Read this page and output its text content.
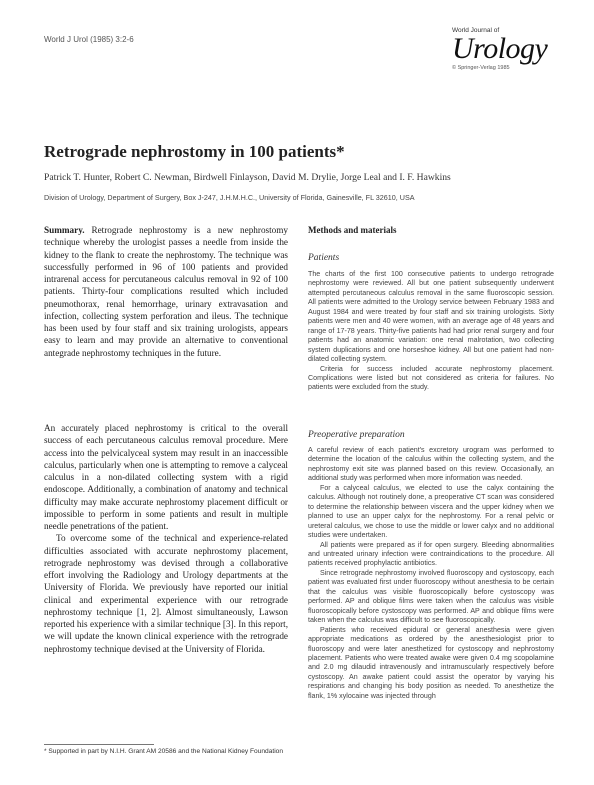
World J Urol (1985) 3:2-6
World Journal of
Urology
© Springer-Verlag 1985
Retrograde nephrostomy in 100 patients*
Patrick T. Hunter, Robert C. Newman, Birdwell Finlayson, David M. Drylie, Jorge Leal and I. F. Hawkins
Division of Urology, Department of Surgery, Box J-247, J.H.M.H.C., University of Florida, Gainesville, FL 32610, USA

Summary. Retrograde nephrostomy is a new nephrostomy technique whereby the urologist passes a needle from inside the kidney to the flank to create the nephrostomy. The technique was successfully performed in 96 of 100 patients and provided intrarenal access for percutaneous calculus removal in 92 of 100 patients. Thirty-four complications resulted which included pneumothorax, renal hemorrhage, urinary extravasation and infection, collecting system perforation and ileus. The technique has been used by four staff and six training urologists, appears easy to learn and may provide an alternative to conventional antegrade nephrostomy techniques in the future.

An accurately placed nephrostomy is critical to the overall success of each percutaneous calculus removal procedure. Mere access into the pelvicalyceal system may result in an inaccessible calculus, particularly when one is attempting to remove a calyceal calculus in a non-dilated collecting system with a rigid endoscope. Additionally, a combination of anatomy and technical difficulty may make accurate nephrostomy placement difficult or impossible to perform in some patients and result in multiple needle penetrations of the patient.

To overcome some of the technical and experience-related difficulties associated with accurate nephrostomy placement, retrograde nephrostomy was devised through a collaborative effort involving the Radiology and Urology departments at the University of Florida. We previously have reported our initial clinical and experimental experience with our retrograde nephrostomy technique [1, 2]. Almost simultaneously, Lawson reported his experience with a similar technique [3]. In this report, we will update the known clinical experience with the retrograde nephrostomy technique devised at the University of Florida.

* Supported in part by N.I.H. Grant AM 20586 and the National Kidney Foundation
Methods and materials
Patients

The charts of the first 100 consecutive patients to undergo retrograde nephrostomy were reviewed. All but one patient subsequently underwent attempted percutaneous calculus removal in the same fluoroscopic session. All patients were admitted to the Urology service between February 1983 and August 1984 and were treated by four staff and six training urologists. Sixty patients were men and 40 were women, with an average age of 48 years and range of 17-78 years. Thirty-five patients had had prior renal surgery and four patients had an anatomic variation: one renal malrotation, two collecting system duplications and one horseshoe kidney. All but one patient had non-dilated collecting system.

Criteria for success included accurate nephrostomy placement. Complications were listed but not considered as criteria for failures. No patients were excluded from the study.

Preoperative preparation

A careful review of each patient's excretory urogram was performed to determine the location of the calculus within the collecting system, and the nephrostomy exit site was planned based on this review. Occasionally, an additional study was performed when more information was needed.

For a calyceal calculus, we elected to use the calyx containing the calculus. Although not routinely done, a preoperative CT scan was considered to determine the relationship between viscera and the upper kidney when we planned to use an upper calyx for the nephrostomy. For a renal pelvic or ureteral calculus, we chose to use the middle or lower calyx and no additional studies were undertaken.

All patients were prepared as if for open surgery. Bleeding abnormalities and untreated urinary infection were contraindications to the procedure. All patients received prophylactic antibiotics.

Since retrograde nephrostomy involved fluoroscopy and cystoscopy, each patient was evaluated first under fluoroscopy without anesthesia to be certain that the calculus was visible fluoroscopically before cystoscopy was performed. AP and oblique films were taken when the calculus was visible fluoroscopically before cystoscopy was performed. AP and oblique films were taken when the calculus was difficult to see fluoroscopically.

Patients who received epidural or general anesthesia were given appropriate medications as ordered by the anesthesiologist prior to fluoroscopy and were later anesthetized for cystoscopy and nephrostomy placement. Patients who were treated awake were given 0.4 mg scopolamine and 2.0 mg dilaudid intravenously and intramuscularly respectively before cystoscopy. An awake patient could assist the operator by varying his respirations and changing his body position as needed. To anesthetize the flank, 1% xylocaine was injected through
